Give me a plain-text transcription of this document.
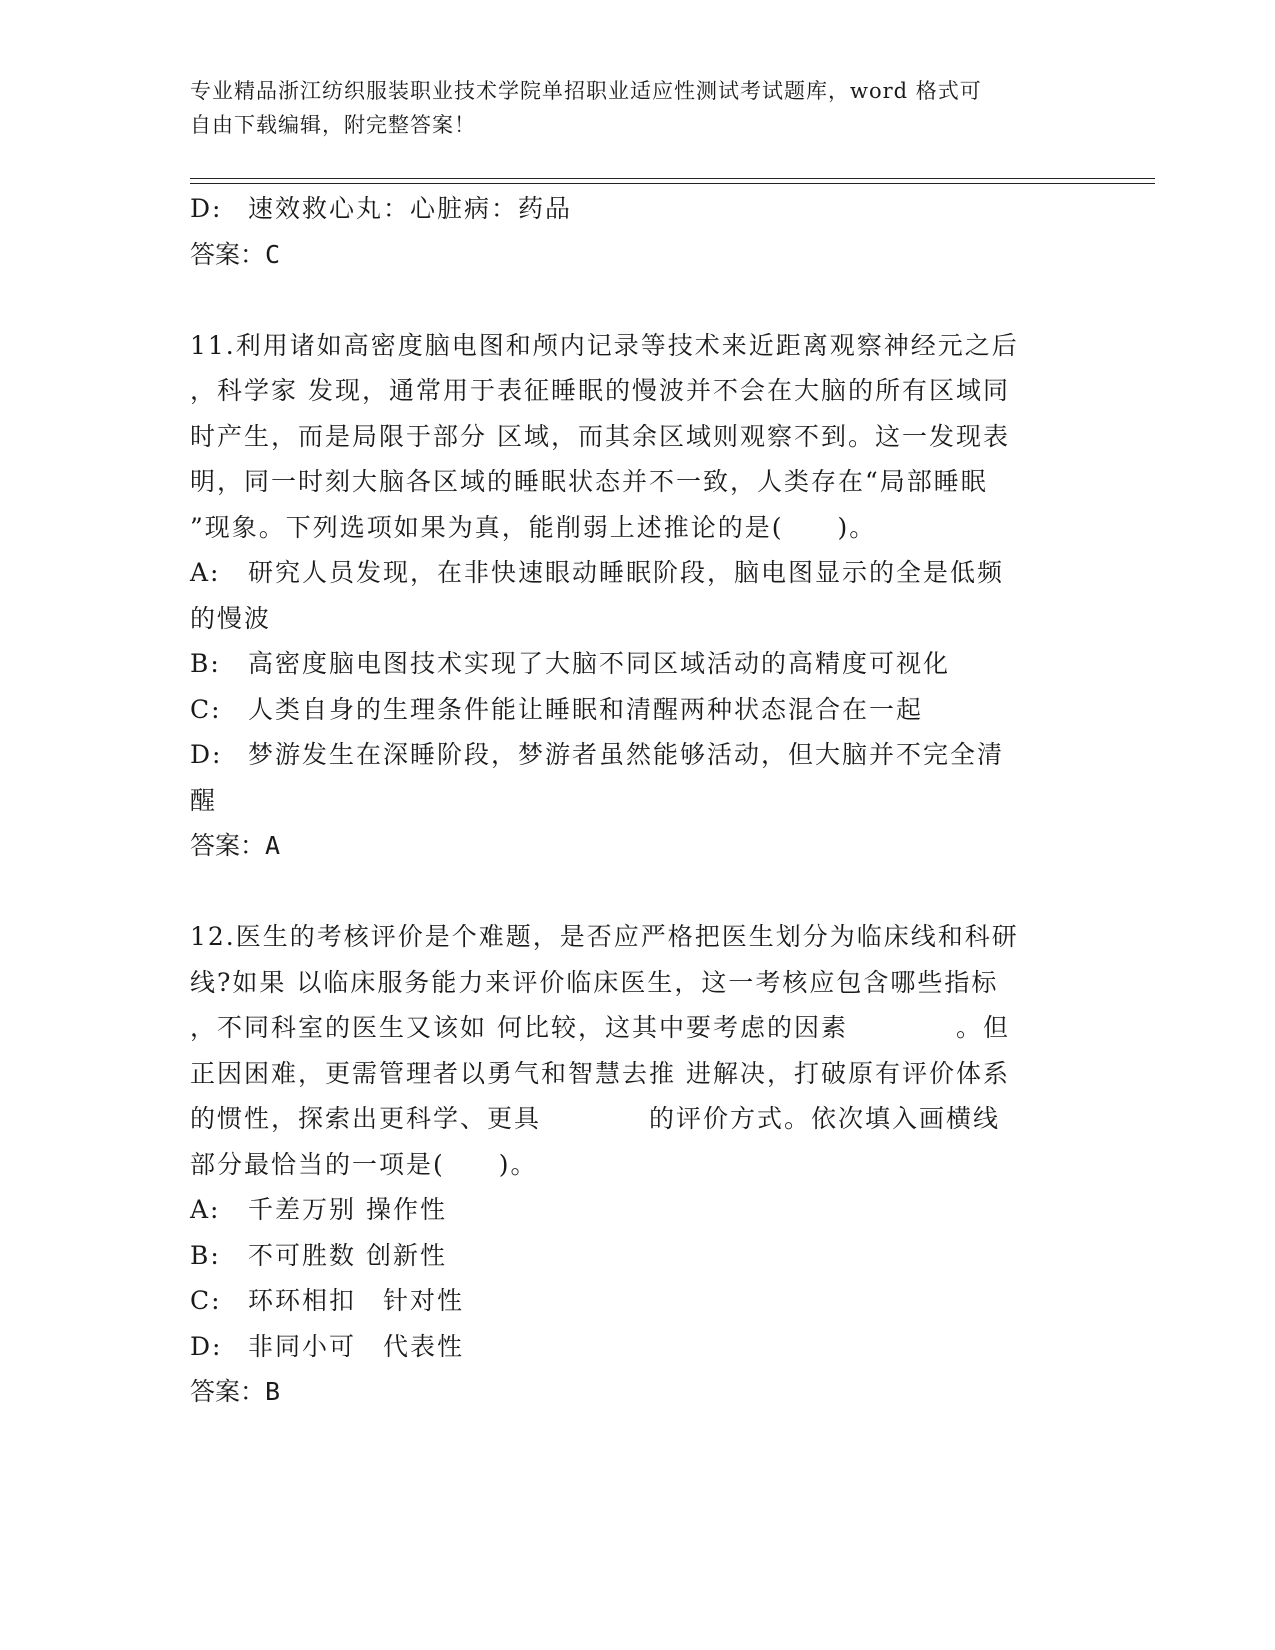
专业精品浙江纺织服装职业技术学院单招职业适应性测试考试题库，word 格式可
自由下载编辑，附完整答案！
D: 速效救心丸：心脏病：药品
答案：C
11.利用诸如高密度脑电图和颅内记录等技术来近距离观察神经元之后
，科学家 发现，通常用于表征睡眠的慢波并不会在大脑的所有区域同
时产生，而是局限于部分 区域，而其余区域则观察不到。这一发现表
明，同一时刻大脑各区域的睡眠状态并不一致，人类存在“局部睡眠
”现象。下列选项如果为真，能削弱上述推论的是(　　)。
A: 研究人员发现，在非快速眼动睡眠阶段，脑电图显示的全是低频
的慢波
B: 高密度脑电图技术实现了大脑不同区域活动的高精度可视化
C: 人类自身的生理条件能让睡眠和清醒两种状态混合在一起
D: 梦游发生在深睡阶段，梦游者虽然能够活动，但大脑并不完全清
醒
答案：A
12.医生的考核评价是个难题，是否应严格把医生划分为临床线和科研
线?如果 以临床服务能力来评价临床医生，这一考核应包含哪些指标
，不同科室的医生又该如 何比较，这其中要考虑的因素　　　　。但
正因困难，更需管理者以勇气和智慧去推 进解决，打破原有评价体系
的惯性，探索出更科学、更具　　　　的评价方式。依次填入画横线
部分最恰当的一项是(　　)。
A: 千差万别 操作性
B: 不可胜数 创新性
C: 环环相扣　针对性
D: 非同小可　代表性
答案：B
